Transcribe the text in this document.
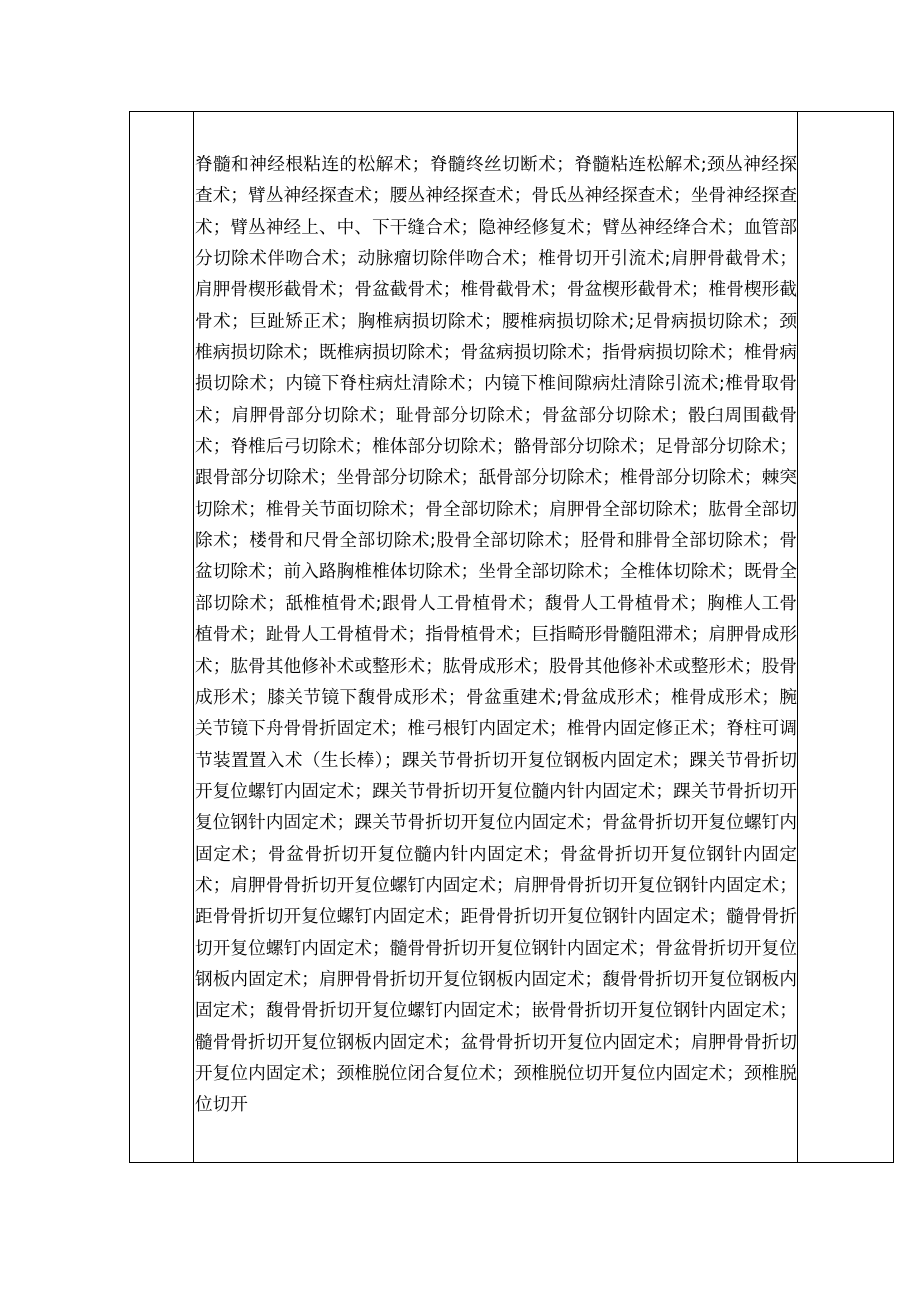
脊髓和神经根粘连的松解术；脊髓终丝切断术；脊髓粘连松解术;颈丛神经探查术；臂丛神经探查术；腰丛神经探查术；骨氐丛神经探查术；坐骨神经探查术；臂丛神经上、中、下干缝合术；隐神经修复术；臂丛神经绛合术；血管部分切除术伴吻合术；动脉瘤切除伴吻合术；椎骨切开引流术;肩胛骨截骨术；肩胛骨楔形截骨术；骨盆截骨术；椎骨截骨术；骨盆楔形截骨术；椎骨楔形截骨术；巨趾矫正术；胸椎病损切除术；腰椎病损切除术;足骨病损切除术；颈椎病损切除术；既椎病损切除术；骨盆病损切除术；指骨病损切除术；椎骨病损切除术；内镜下脊柱病灶清除术；内镜下椎间隙病灶清除引流术;椎骨取骨术；肩胛骨部分切除术；耻骨部分切除术；骨盆部分切除术；骰臼周围截骨术；脊椎后弓切除术；椎体部分切除术；骼骨部分切除术；足骨部分切除术；跟骨部分切除术；坐骨部分切除术；舐骨部分切除术；椎骨部分切除术；棘突切除术；椎骨关节面切除术；骨全部切除术；肩胛骨全部切除术；肱骨全部切除术；楼骨和尺骨全部切除术;股骨全部切除术；胫骨和腓骨全部切除术；骨盆切除术；前入路胸椎椎体切除术；坐骨全部切除术；全椎体切除术；既骨全部切除术；舐椎植骨术;跟骨人工骨植骨术；馥骨人工骨植骨术；胸椎人工骨植骨术；趾骨人工骨植骨术；指骨植骨术；巨指畸形骨髓阻滞术；肩胛骨成形术；肱骨其他修补术或整形术；肱骨成形术；股骨其他修补术或整形术；股骨成形术；膝关节镜下馥骨成形术；骨盆重建术;骨盆成形术；椎骨成形术；腕关节镜下舟骨骨折固定术；椎弓根钉内固定术；椎骨内固定修正术；脊柱可调节装置置入术（生长棒）；踝关节骨折切开复位钢板内固定术；踝关节骨折切开复位螺钉内固定术；踝关节骨折切开复位髓内针内固定术；踝关节骨折切开复位钢针内固定术；踝关节骨折切开复位内固定术；骨盆骨折切开复位螺钉内固定术；骨盆骨折切开复位髓内针内固定术；骨盆骨折切开复位钢针内固定术；肩胛骨骨折切开复位螺钉内固定术；肩胛骨骨折切开复位钢针内固定术；距骨骨折切开复位螺钉内固定术；距骨骨折切开复位钢针内固定术；髓骨骨折切开复位螺钉内固定术；髓骨骨折切开复位钢针内固定术；骨盆骨折切开复位钢板内固定术；肩胛骨骨折切开复位钢板内固定术；馥骨骨折切开复位钢板内固定术；馥骨骨折切开复位螺钉内固定术；嵌骨骨折切开复位钢针内固定术；髓骨骨折切开复位钢板内固定术；盆骨骨折切开复位内固定术；肩胛骨骨折切开复位内固定术；颈椎脱位闭合复位术；颈椎脱位切开复位内固定术；颈椎脱位切开
